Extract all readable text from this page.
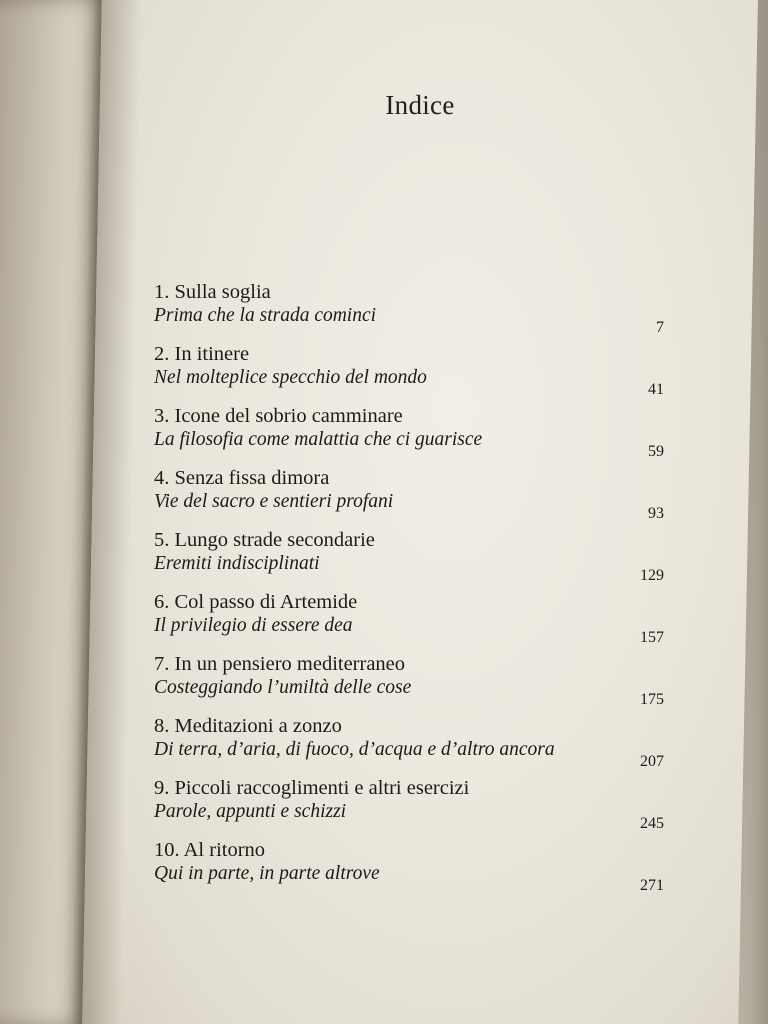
Indice
1. Sulla soglia
Prima che la strada cominci
7
2. In itinere
Nel molteplice specchio del mondo
41
3. Icone del sobrio camminare
La filosofia come malattia che ci guarisce
59
4. Senza fissa dimora
Vie del sacro e sentieri profani
93
5. Lungo strade secondarie
Eremiti indisciplinati
129
6. Col passo di Artemide
Il privilegio di essere dea
157
7. In un pensiero mediterraneo
Costeggiando l’umiltà delle cose
175
8. Meditazioni a zonzo
Di terra, d’aria, di fuoco, d’acqua e d’altro ancora
207
9. Piccoli raccoglimenti e altri esercizi
Parole, appunti e schizzi
245
10. Al ritorno
Qui in parte, in parte altrove
271
